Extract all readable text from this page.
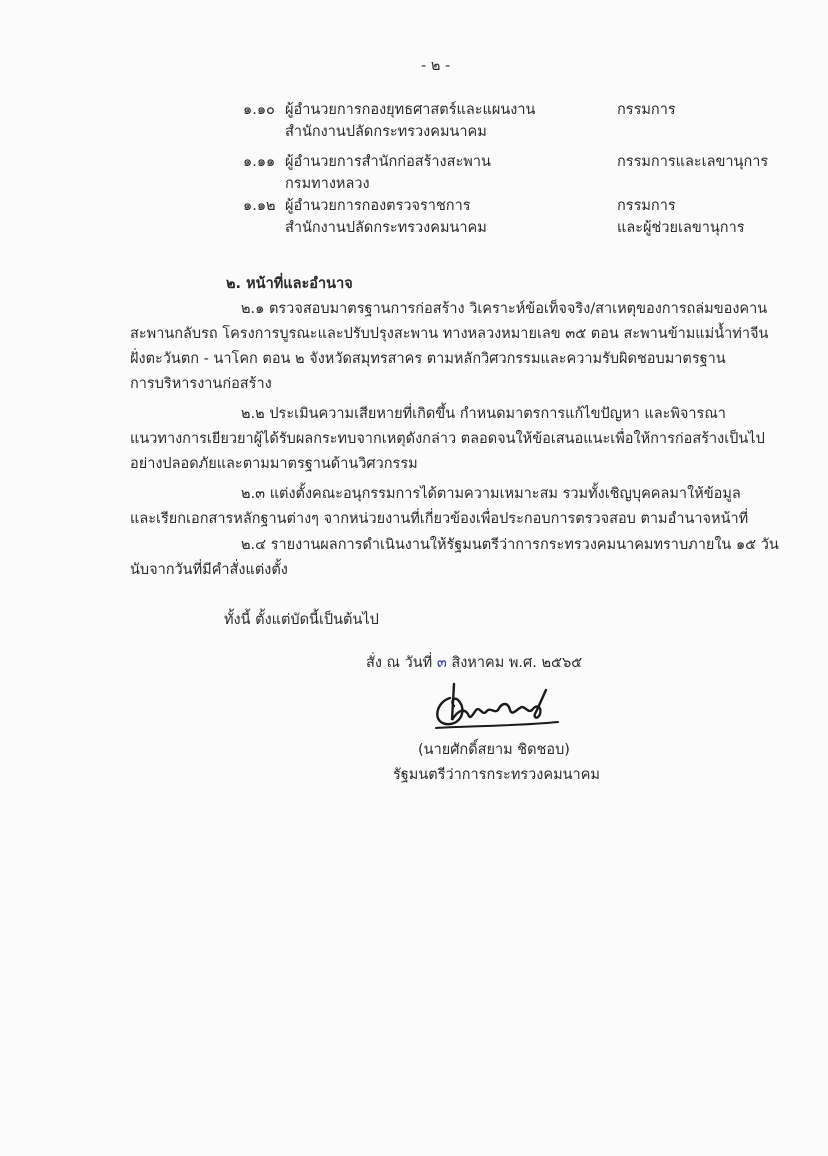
- ๒ -
๑.๑๐ ผู้อำนวยการกองยุทธศาสตร์และแผนงาน
สำนักงานปลัดกระทรวงคมนาคม
กรรมการ
๑.๑๑ ผู้อำนวยการสำนักก่อสร้างสะพาน
กรมทางหลวง
กรรมการและเลขานุการ
๑.๑๒ ผู้อำนวยการกองตรวจราชการ
สำนักงานปลัดกระทรวงคมนาคม
กรรมการ
และผู้ช่วยเลขานุการ
๒. หน้าที่และอำนาจ
๒.๑ ตรวจสอบมาตรฐานการก่อสร้าง วิเคราะห์ข้อเท็จจริง/สาเหตุของการถล่มของคาน
สะพานกลับรถ โครงการบูรณะและปรับปรุงสะพาน ทางหลวงหมายเลข ๓๕ ตอน สะพานข้ามแม่น้ำท่าจีน
ฝั่งตะวันตก - นาโคก ตอน ๒ จังหวัดสมุทรสาคร ตามหลักวิศวกรรมและความรับผิดชอบมาตรฐาน
การบริหารงานก่อสร้าง
๒.๒ ประเมินความเสียหายที่เกิดขึ้น กำหนดมาตรการแก้ไขปัญหา และพิจารณา
แนวทางการเยียวยาผู้ได้รับผลกระทบจากเหตุดังกล่าว ตลอดจนให้ข้อเสนอแนะเพื่อให้การก่อสร้างเป็นไป
อย่างปลอดภัยและตามมาตรฐานด้านวิศวกรรม
๒.๓ แต่งตั้งคณะอนุกรรมการได้ตามความเหมาะสม รวมทั้งเชิญบุคคลมาให้ข้อมูล
และเรียกเอกสารหลักฐานต่างๆ จากหน่วยงานที่เกี่ยวข้องเพื่อประกอบการตรวจสอบ ตามอำนาจหน้าที่
๒.๔ รายงานผลการดำเนินงานให้รัฐมนตรีว่าการกระทรวงคมนาคมทราบภายใน ๑๕ วัน
นับจากวันที่มีคำสั่งแต่งตั้ง
ทั้งนี้ ตั้งแต่บัดนี้เป็นต้นไป
สั่ง ณ วันที่ ๓ สิงหาคม พ.ศ. ๒๕๖๕
(นายศักดิ์สยาม ชิดชอบ)
รัฐมนตรีว่าการกระทรวงคมนาคม
